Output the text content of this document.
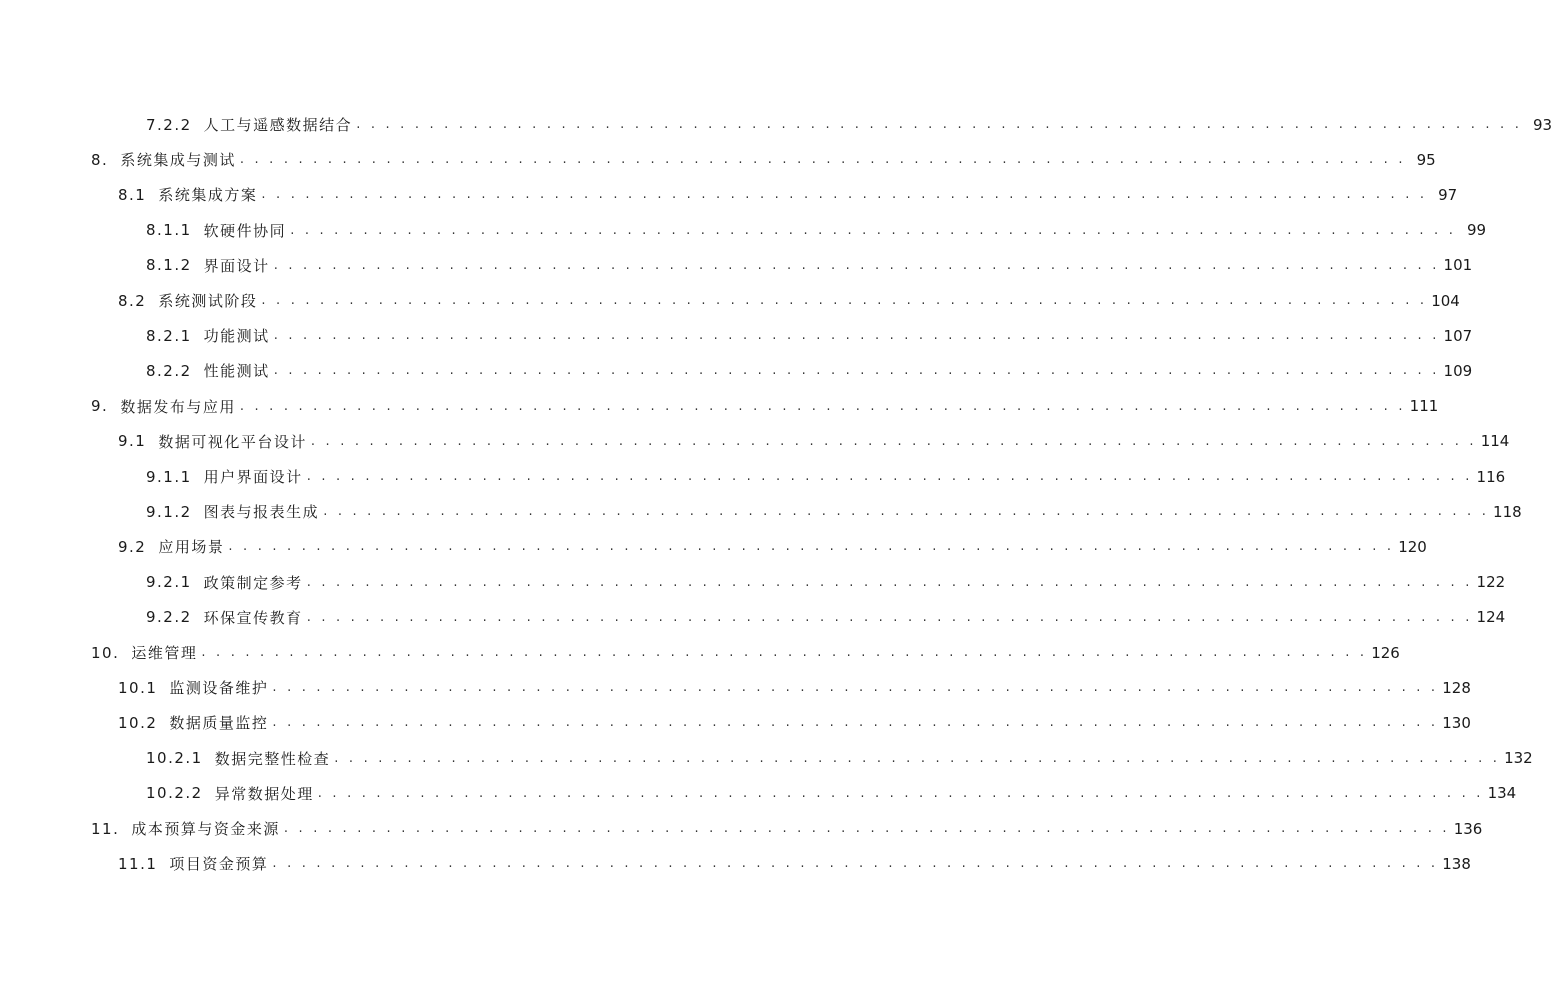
7.2.2 人工与遥感数据结合 . . . . . . . . . . . . . . . . . . . . . . . . . . . . . . . . . . . . . . . . . . . . . . . . . . . . . . . . . . . . . . . . . . . . . . . . . . . . . . . . 93
8. 系统集成与测试 . . . . . . . . . . . . . . . . . . . . . . . . . . . . . . . . . . . . . . . . . . . . . . . . . . . . . . . . . . . . . . . . . . . . . . . . . . . . . . . . 95
8.1 系统集成方案 . . . . . . . . . . . . . . . . . . . . . . . . . . . . . . . . . . . . . . . . . . . . . . . . . . . . . . . . . . . . . . . . . . . . . . . . . . . . . . . . 97
8.1.1 软硬件协同 . . . . . . . . . . . . . . . . . . . . . . . . . . . . . . . . . . . . . . . . . . . . . . . . . . . . . . . . . . . . . . . . . . . . . . . . . . . . . . . . 99
8.1.2 界面设计 . . . . . . . . . . . . . . . . . . . . . . . . . . . . . . . . . . . . . . . . . . . . . . . . . . . . . . . . . . . . . . . . . . . . . . . . . . . . . . . . 101
8.2 系统测试阶段 . . . . . . . . . . . . . . . . . . . . . . . . . . . . . . . . . . . . . . . . . . . . . . . . . . . . . . . . . . . . . . . . . . . . . . . . . . . . . . . . 104
8.2.1 功能测试 . . . . . . . . . . . . . . . . . . . . . . . . . . . . . . . . . . . . . . . . . . . . . . . . . . . . . . . . . . . . . . . . . . . . . . . . . . . . . . . . 107
8.2.2 性能测试 . . . . . . . . . . . . . . . . . . . . . . . . . . . . . . . . . . . . . . . . . . . . . . . . . . . . . . . . . . . . . . . . . . . . . . . . . . . . . . . . 109
9. 数据发布与应用 . . . . . . . . . . . . . . . . . . . . . . . . . . . . . . . . . . . . . . . . . . . . . . . . . . . . . . . . . . . . . . . . . . . . . . . . . . . . . . . . 111
9.1 数据可视化平台设计 . . . . . . . . . . . . . . . . . . . . . . . . . . . . . . . . . . . . . . . . . . . . . . . . . . . . . . . . . . . . . . . . . . . . . . . . . . . . . . . . 114
9.1.1 用户界面设计 . . . . . . . . . . . . . . . . . . . . . . . . . . . . . . . . . . . . . . . . . . . . . . . . . . . . . . . . . . . . . . . . . . . . . . . . . . . . . . . . 116
9.1.2 图表与报表生成 . . . . . . . . . . . . . . . . . . . . . . . . . . . . . . . . . . . . . . . . . . . . . . . . . . . . . . . . . . . . . . . . . . . . . . . . . . . . . . . . 118
9.2 应用场景 . . . . . . . . . . . . . . . . . . . . . . . . . . . . . . . . . . . . . . . . . . . . . . . . . . . . . . . . . . . . . . . . . . . . . . . . . . . . . . . . 120
9.2.1 政策制定参考 . . . . . . . . . . . . . . . . . . . . . . . . . . . . . . . . . . . . . . . . . . . . . . . . . . . . . . . . . . . . . . . . . . . . . . . . . . . . . . . . 122
9.2.2 环保宣传教育 . . . . . . . . . . . . . . . . . . . . . . . . . . . . . . . . . . . . . . . . . . . . . . . . . . . . . . . . . . . . . . . . . . . . . . . . . . . . . . . . 124
10. 运维管理 . . . . . . . . . . . . . . . . . . . . . . . . . . . . . . . . . . . . . . . . . . . . . . . . . . . . . . . . . . . . . . . . . . . . . . . . . . . . . . . . 126
10.1 监测设备维护 . . . . . . . . . . . . . . . . . . . . . . . . . . . . . . . . . . . . . . . . . . . . . . . . . . . . . . . . . . . . . . . . . . . . . . . . . . . . . . . . 128
10.2 数据质量监控 . . . . . . . . . . . . . . . . . . . . . . . . . . . . . . . . . . . . . . . . . . . . . . . . . . . . . . . . . . . . . . . . . . . . . . . . . . . . . . . . 130
10.2.1 数据完整性检查 . . . . . . . . . . . . . . . . . . . . . . . . . . . . . . . . . . . . . . . . . . . . . . . . . . . . . . . . . . . . . . . . . . . . . . . . . . . . . . . . 132
10.2.2 异常数据处理 . . . . . . . . . . . . . . . . . . . . . . . . . . . . . . . . . . . . . . . . . . . . . . . . . . . . . . . . . . . . . . . . . . . . . . . . . . . . . . . . 134
11. 成本预算与资金来源 . . . . . . . . . . . . . . . . . . . . . . . . . . . . . . . . . . . . . . . . . . . . . . . . . . . . . . . . . . . . . . . . . . . . . . . . . . . . . . . . 136
11.1 项目资金预算 . . . . . . . . . . . . . . . . . . . . . . . . . . . . . . . . . . . . . . . . . . . . . . . . . . . . . . . . . . . . . . . . . . . . . . . . . . . . . . . . 138
